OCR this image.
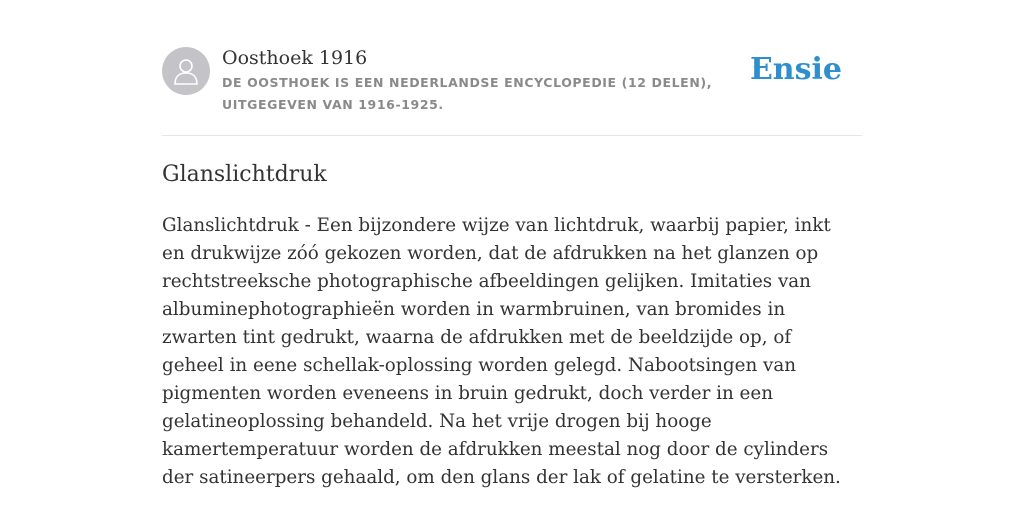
Oosthoek 1916
DE OOSTHOEK IS EEN NEDERLANDSE ENCYCLOPEDIE (12 DELEN), UITGEGEVEN VAN 1916-1925.
Ensie
Glanslichtdruk

Glanslichtdruk - Een bijzondere wijze van lichtdruk, waarbij papier, inkt en drukwijze zóó gekozen worden, dat de afdrukken na het glanzen op rechtstreeksche photographische afbeeldingen gelijken. Imitaties van albuminephotographieën worden in warmbruinen, van bromides in zwarten tint gedrukt, waarna de afdrukken met de beeldzijde op, of geheel in eene schellak-oplossing worden gelegd. Nabootsingen van pigmenten worden eveneens in bruin gedrukt, doch verder in een gelatineoplossing behandeld. Na het vrije drogen bij hooge kamertemperatuur worden de afdrukken meestal nog door de cylinders der satineerpers gehaald, om den glans der lak of gelatine te versterken.
